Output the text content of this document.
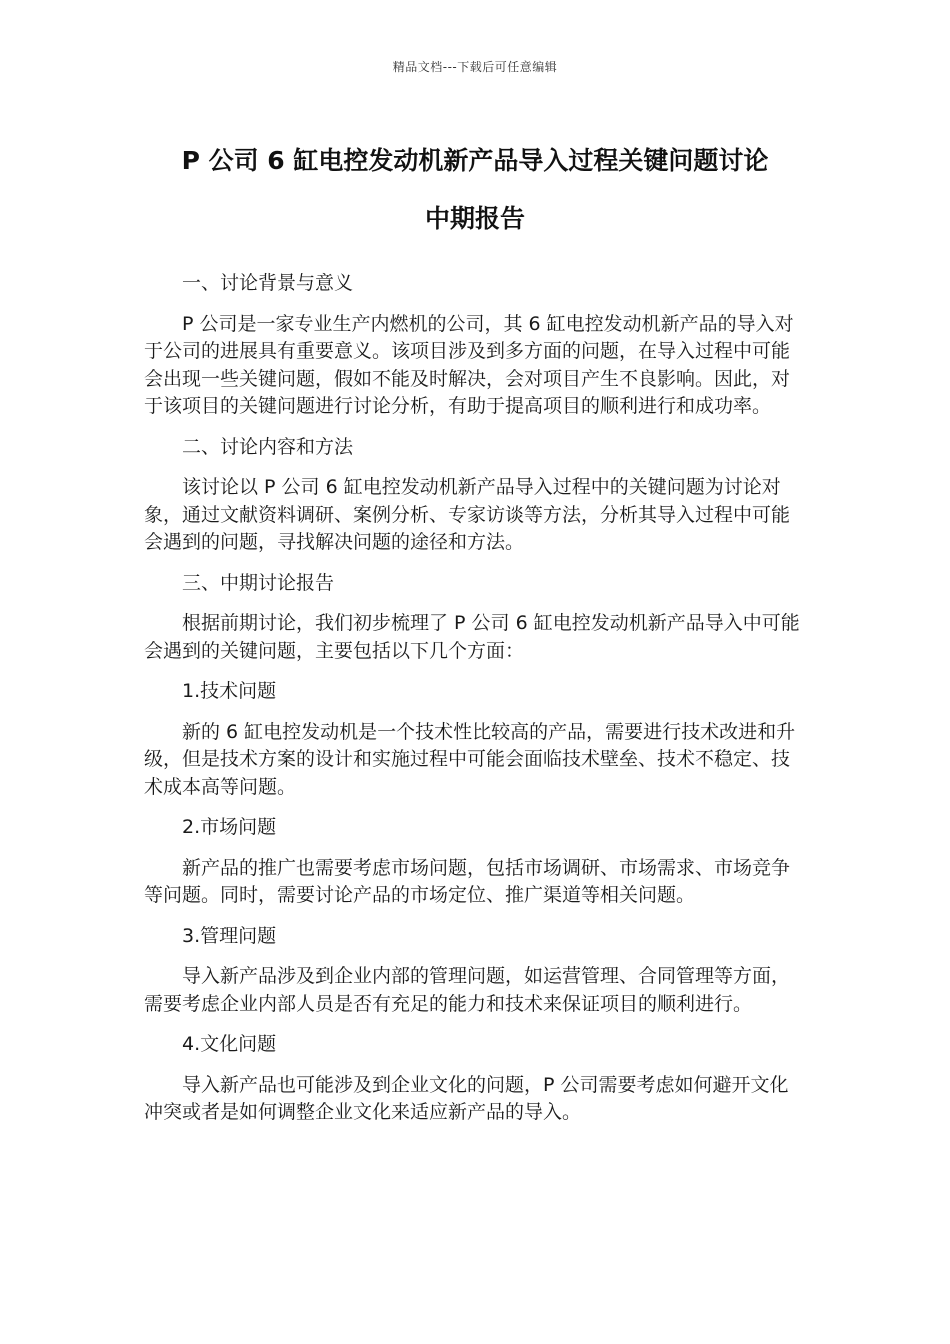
精品文档---下载后可任意编辑
P 公司 6 缸电控发动机新产品导入过程关键问题讨论
中期报告

一、讨论背景与意义

P 公司是一家专业生产内燃机的公司，其 6 缸电控发动机新产品的导入对于公司的进展具有重要意义。该项目涉及到多方面的问题，在导入过程中可能会出现一些关键问题，假如不能及时解决，会对项目产生不良影响。因此，对于该项目的关键问题进行讨论分析，有助于提高项目的顺利进行和成功率。

二、讨论内容和方法

该讨论以 P 公司 6 缸电控发动机新产品导入过程中的关键问题为讨论对象，通过文献资料调研、案例分析、专家访谈等方法，分析其导入过程中可能会遇到的问题，寻找解决问题的途径和方法。

三、中期讨论报告

根据前期讨论，我们初步梳理了 P 公司 6 缸电控发动机新产品导入中可能会遇到的关键问题，主要包括以下几个方面：

1.技术问题

新的 6 缸电控发动机是一个技术性比较高的产品，需要进行技术改进和升级，但是技术方案的设计和实施过程中可能会面临技术壁垒、技术不稳定、技术成本高等问题。

2.市场问题

新产品的推广也需要考虑市场问题，包括市场调研、市场需求、市场竞争等问题。同时，需要讨论产品的市场定位、推广渠道等相关问题。

3.管理问题

导入新产品涉及到企业内部的管理问题，如运营管理、合同管理等方面，需要考虑企业内部人员是否有充足的能力和技术来保证项目的顺利进行。

4.文化问题

导入新产品也可能涉及到企业文化的问题，P 公司需要考虑如何避开文化冲突或者是如何调整企业文化来适应新产品的导入。
